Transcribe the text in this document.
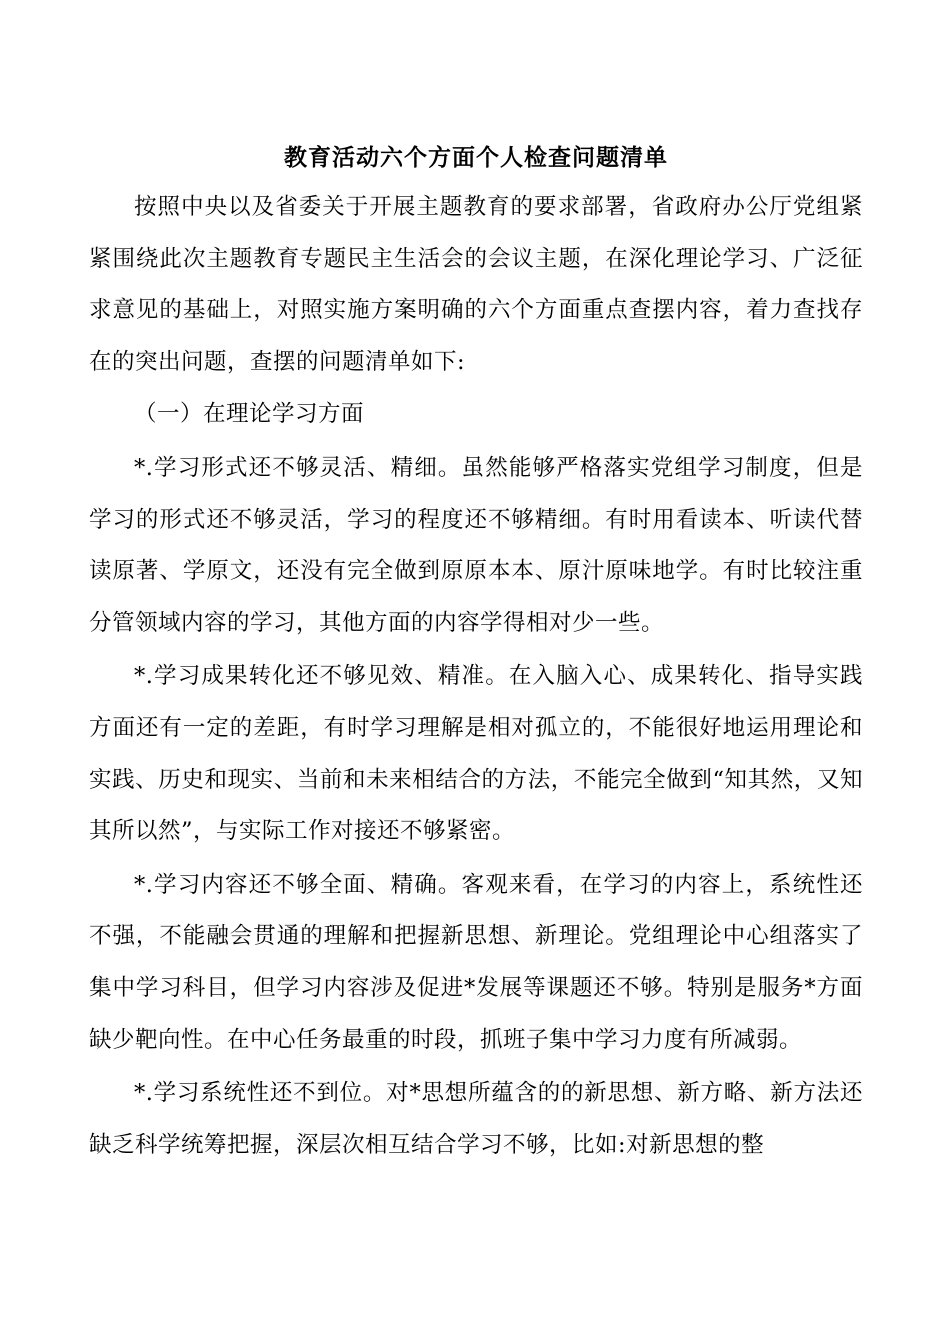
教育活动六个方面个人检查问题清单

按照中央以及省委关于开展主题教育的要求部署，省政府办公厅党组紧紧围绕此次主题教育专题民主生活会的会议主题，在深化理论学习、广泛征求意见的基础上，对照实施方案明确的六个方面重点查摆内容，着力查找存在的突出问题，查摆的问题清单如下:

（一）在理论学习方面

*.学习形式还不够灵活、精细。虽然能够严格落实党组学习制度，但是学习的形式还不够灵活，学习的程度还不够精细。有时用看读本、听读代替读原著、学原文，还没有完全做到原原本本、原汁原味地学。有时比较注重分管领域内容的学习，其他方面的内容学得相对少一些。

*.学习成果转化还不够见效、精准。在入脑入心、成果转化、指导实践方面还有一定的差距，有时学习理解是相对孤立的，不能很好地运用理论和实践、历史和现实、当前和未来相结合的方法，不能完全做到“知其然，又知其所以然”，与实际工作对接还不够紧密。

*.学习内容还不够全面、精确。客观来看，在学习的内容上，系统性还不强，不能融会贯通的理解和把握新思想、新理论。党组理论中心组落实了集中学习科目，但学习内容涉及促进*发展等课题还不够。特别是服务*方面缺少靶向性。在中心任务最重的时段，抓班子集中学习力度有所减弱。

*.学习系统性还不到位。对*思想所蕴含的的新思想、新方略、新方法还缺乏科学统筹把握，深层次相互结合学习不够，比如:对新思想的整
